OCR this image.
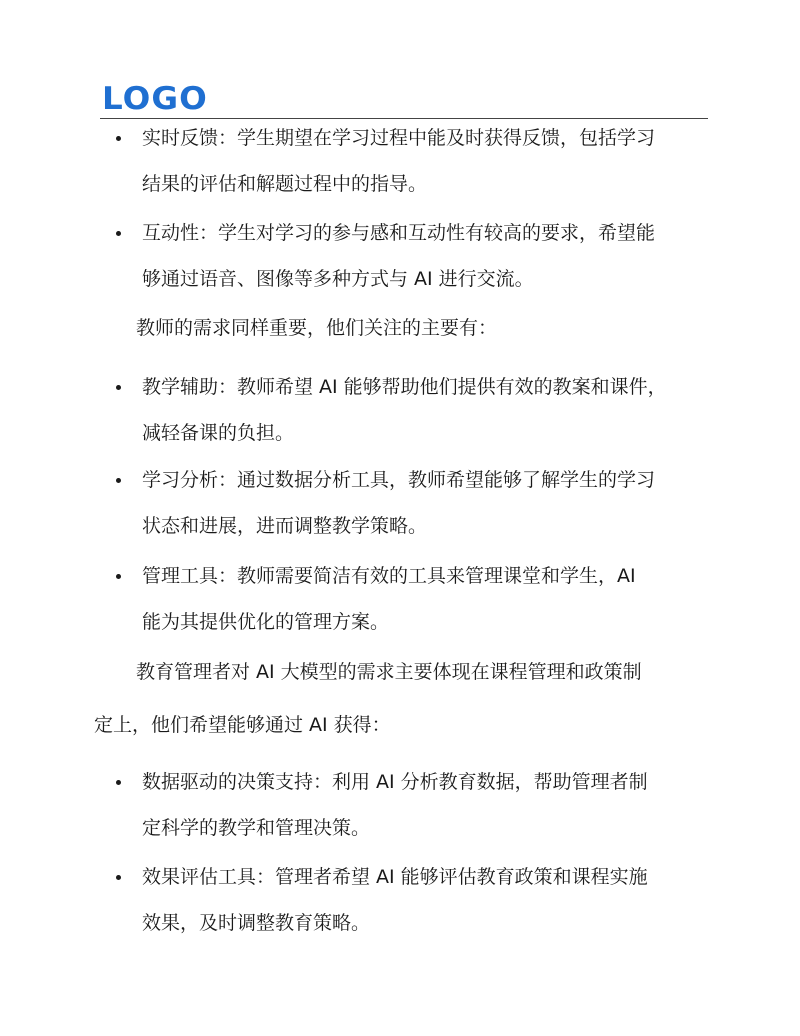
LOGO
实时反馈：学生期望在学习过程中能及时获得反馈，包括学习
结果的评估和解题过程中的指导。
互动性：学生对学习的参与感和互动性有较高的要求，希望能
够通过语音、图像等多种方式与 AI 进行交流。
教师的需求同样重要，他们关注的主要有：
教学辅助：教师希望 AI 能够帮助他们提供有效的教案和课件，
减轻备课的负担。
学习分析：通过数据分析工具，教师希望能够了解学生的学习
状态和进展，进而调整教学策略。
管理工具：教师需要简洁有效的工具来管理课堂和学生，AI
能为其提供优化的管理方案。
教育管理者对 AI 大模型的需求主要体现在课程管理和政策制
定上，他们希望能够通过 AI 获得：
数据驱动的决策支持：利用 AI 分析教育数据，帮助管理者制
定科学的教学和管理决策。
效果评估工具：管理者希望 AI 能够评估教育政策和课程实施
效果，及时调整教育策略。
